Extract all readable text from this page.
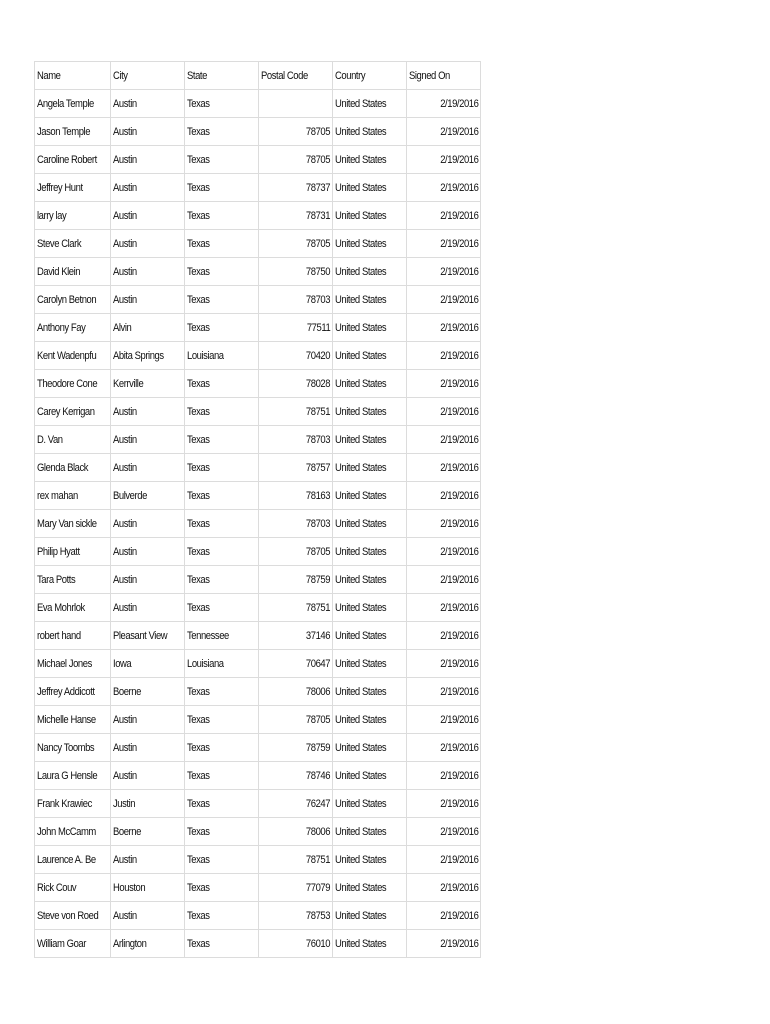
Name	City	State	Postal Code	Country	Signed On
Angela Temple	Austin	Texas		United States	2/19/2016
Jason Temple	Austin	Texas	78705	United States	2/19/2016
Caroline Robert	Austin	Texas	78705	United States	2/19/2016
Jeffrey Hunt	Austin	Texas	78737	United States	2/19/2016
larry lay	Austin	Texas	78731	United States	2/19/2016
Steve Clark	Austin	Texas	78705	United States	2/19/2016
David Klein	Austin	Texas	78750	United States	2/19/2016
Carolyn Betnon	Austin	Texas	78703	United States	2/19/2016
Anthony Fay	Alvin	Texas	77511	United States	2/19/2016
Kent Wadenpfu	Abita Springs	Louisiana	70420	United States	2/19/2016
Theodore Cone	Kerrville	Texas	78028	United States	2/19/2016
Carey Kerrigan	Austin	Texas	78751	United States	2/19/2016
D. Van	Austin	Texas	78703	United States	2/19/2016
Glenda Black	Austin	Texas	78757	United States	2/19/2016
rex mahan	Bulverde	Texas	78163	United States	2/19/2016
Mary Van sickle	Austin	Texas	78703	United States	2/19/2016
Philip Hyatt	Austin	Texas	78705	United States	2/19/2016
Tara Potts	Austin	Texas	78759	United States	2/19/2016
Eva Mohrlok	Austin	Texas	78751	United States	2/19/2016
robert hand	Pleasant View	Tennessee	37146	United States	2/19/2016
Michael Jones	Iowa	Louisiana	70647	United States	2/19/2016
Jeffrey Addicott	Boerne	Texas	78006	United States	2/19/2016
Michelle Hanse	Austin	Texas	78705	United States	2/19/2016
Nancy Toombs	Austin	Texas	78759	United States	2/19/2016
Laura G Hensle	Austin	Texas	78746	United States	2/19/2016
Frank Krawiec	Justin	Texas	76247	United States	2/19/2016
John McCamm	Boerne	Texas	78006	United States	2/19/2016
Laurence A. Be	Austin	Texas	78751	United States	2/19/2016
Rick Couv	Houston	Texas	77079	United States	2/19/2016
Steve von Roed	Austin	Texas	78753	United States	2/19/2016
William Goar	Arlington	Texas	76010	United States	2/19/2016
